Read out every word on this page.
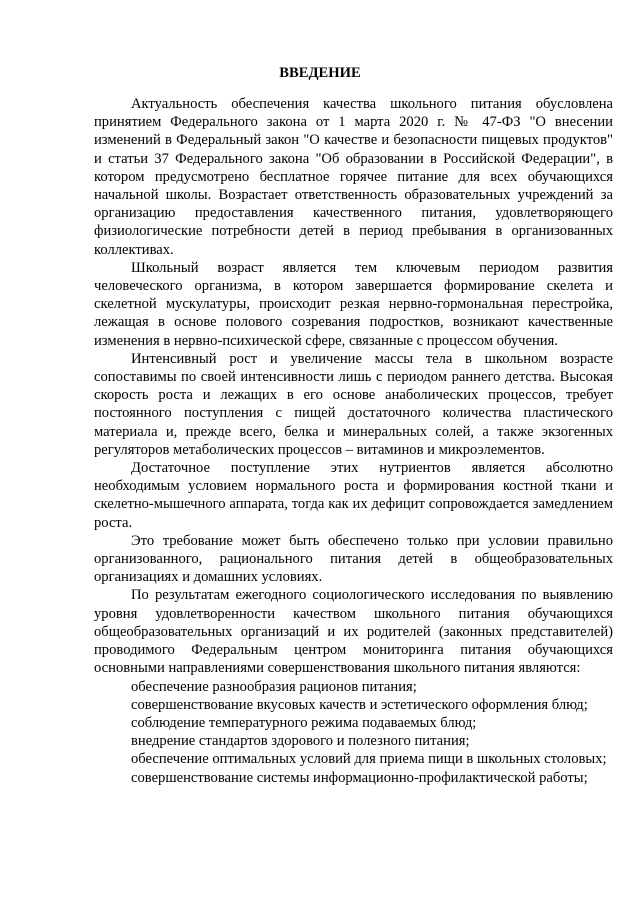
ВВЕДЕНИЕ

Актуальность обеспечения качества школьного питания обусловлена принятием Федерального закона от 1 марта 2020 г. № 47-ФЗ "О внесении изменений в Федеральный закон "О качестве и безопасности пищевых продуктов" и статьи 37 Федерального закона "Об образовании в Российской Федерации", в котором предусмотрено бесплатное горячее питание для всех обучающихся начальной школы. Возрастает ответственность образовательных учреждений за организацию предоставления качественного питания, удовлетворяющего физиологические потребности детей в период пребывания в организованных коллективах.

Школьный возраст является тем ключевым периодом развития человеческого организма, в котором завершается формирование скелета и скелетной мускулатуры, происходит резкая нервно-гормональная перестройка, лежащая в основе полового созревания подростков, возникают качественные изменения в нервно-психической сфере, связанные с процессом обучения.

Интенсивный рост и увеличение массы тела в школьном возрасте сопоставимы по своей интенсивности лишь с периодом раннего детства. Высокая скорость роста и лежащих в его основе анаболических процессов, требует постоянного поступления с пищей достаточного количества пластического материала и, прежде всего, белка и минеральных солей, а также экзогенных регуляторов метаболических процессов – витаминов и микроэлементов.

Достаточное поступление этих нутриентов является абсолютно необходимым условием нормального роста и формирования костной ткани и скелетно-мышечного аппарата, тогда как их дефицит сопровождается замедлением роста.

Это требование может быть обеспечено только при условии правильно организованного, рационального питания детей в общеобразовательных организациях и домашних условиях.

По результатам ежегодного социологического исследования по выявлению уровня удовлетворенности качеством школьного питания обучающихся общеобразовательных организаций и их родителей (законных представителей) проводимого Федеральным центром мониторинга питания обучающихся основными направлениями совершенствования школьного питания являются:

обеспечение разнообразия рационов питания;
совершенствование вкусовых качеств и эстетического оформления блюд;
соблюдение температурного режима подаваемых блюд;
внедрение стандартов здорового и полезного питания;
обеспечение оптимальных условий для приема пищи в школьных столовых;
совершенствование системы информационно-профилактической работы;
